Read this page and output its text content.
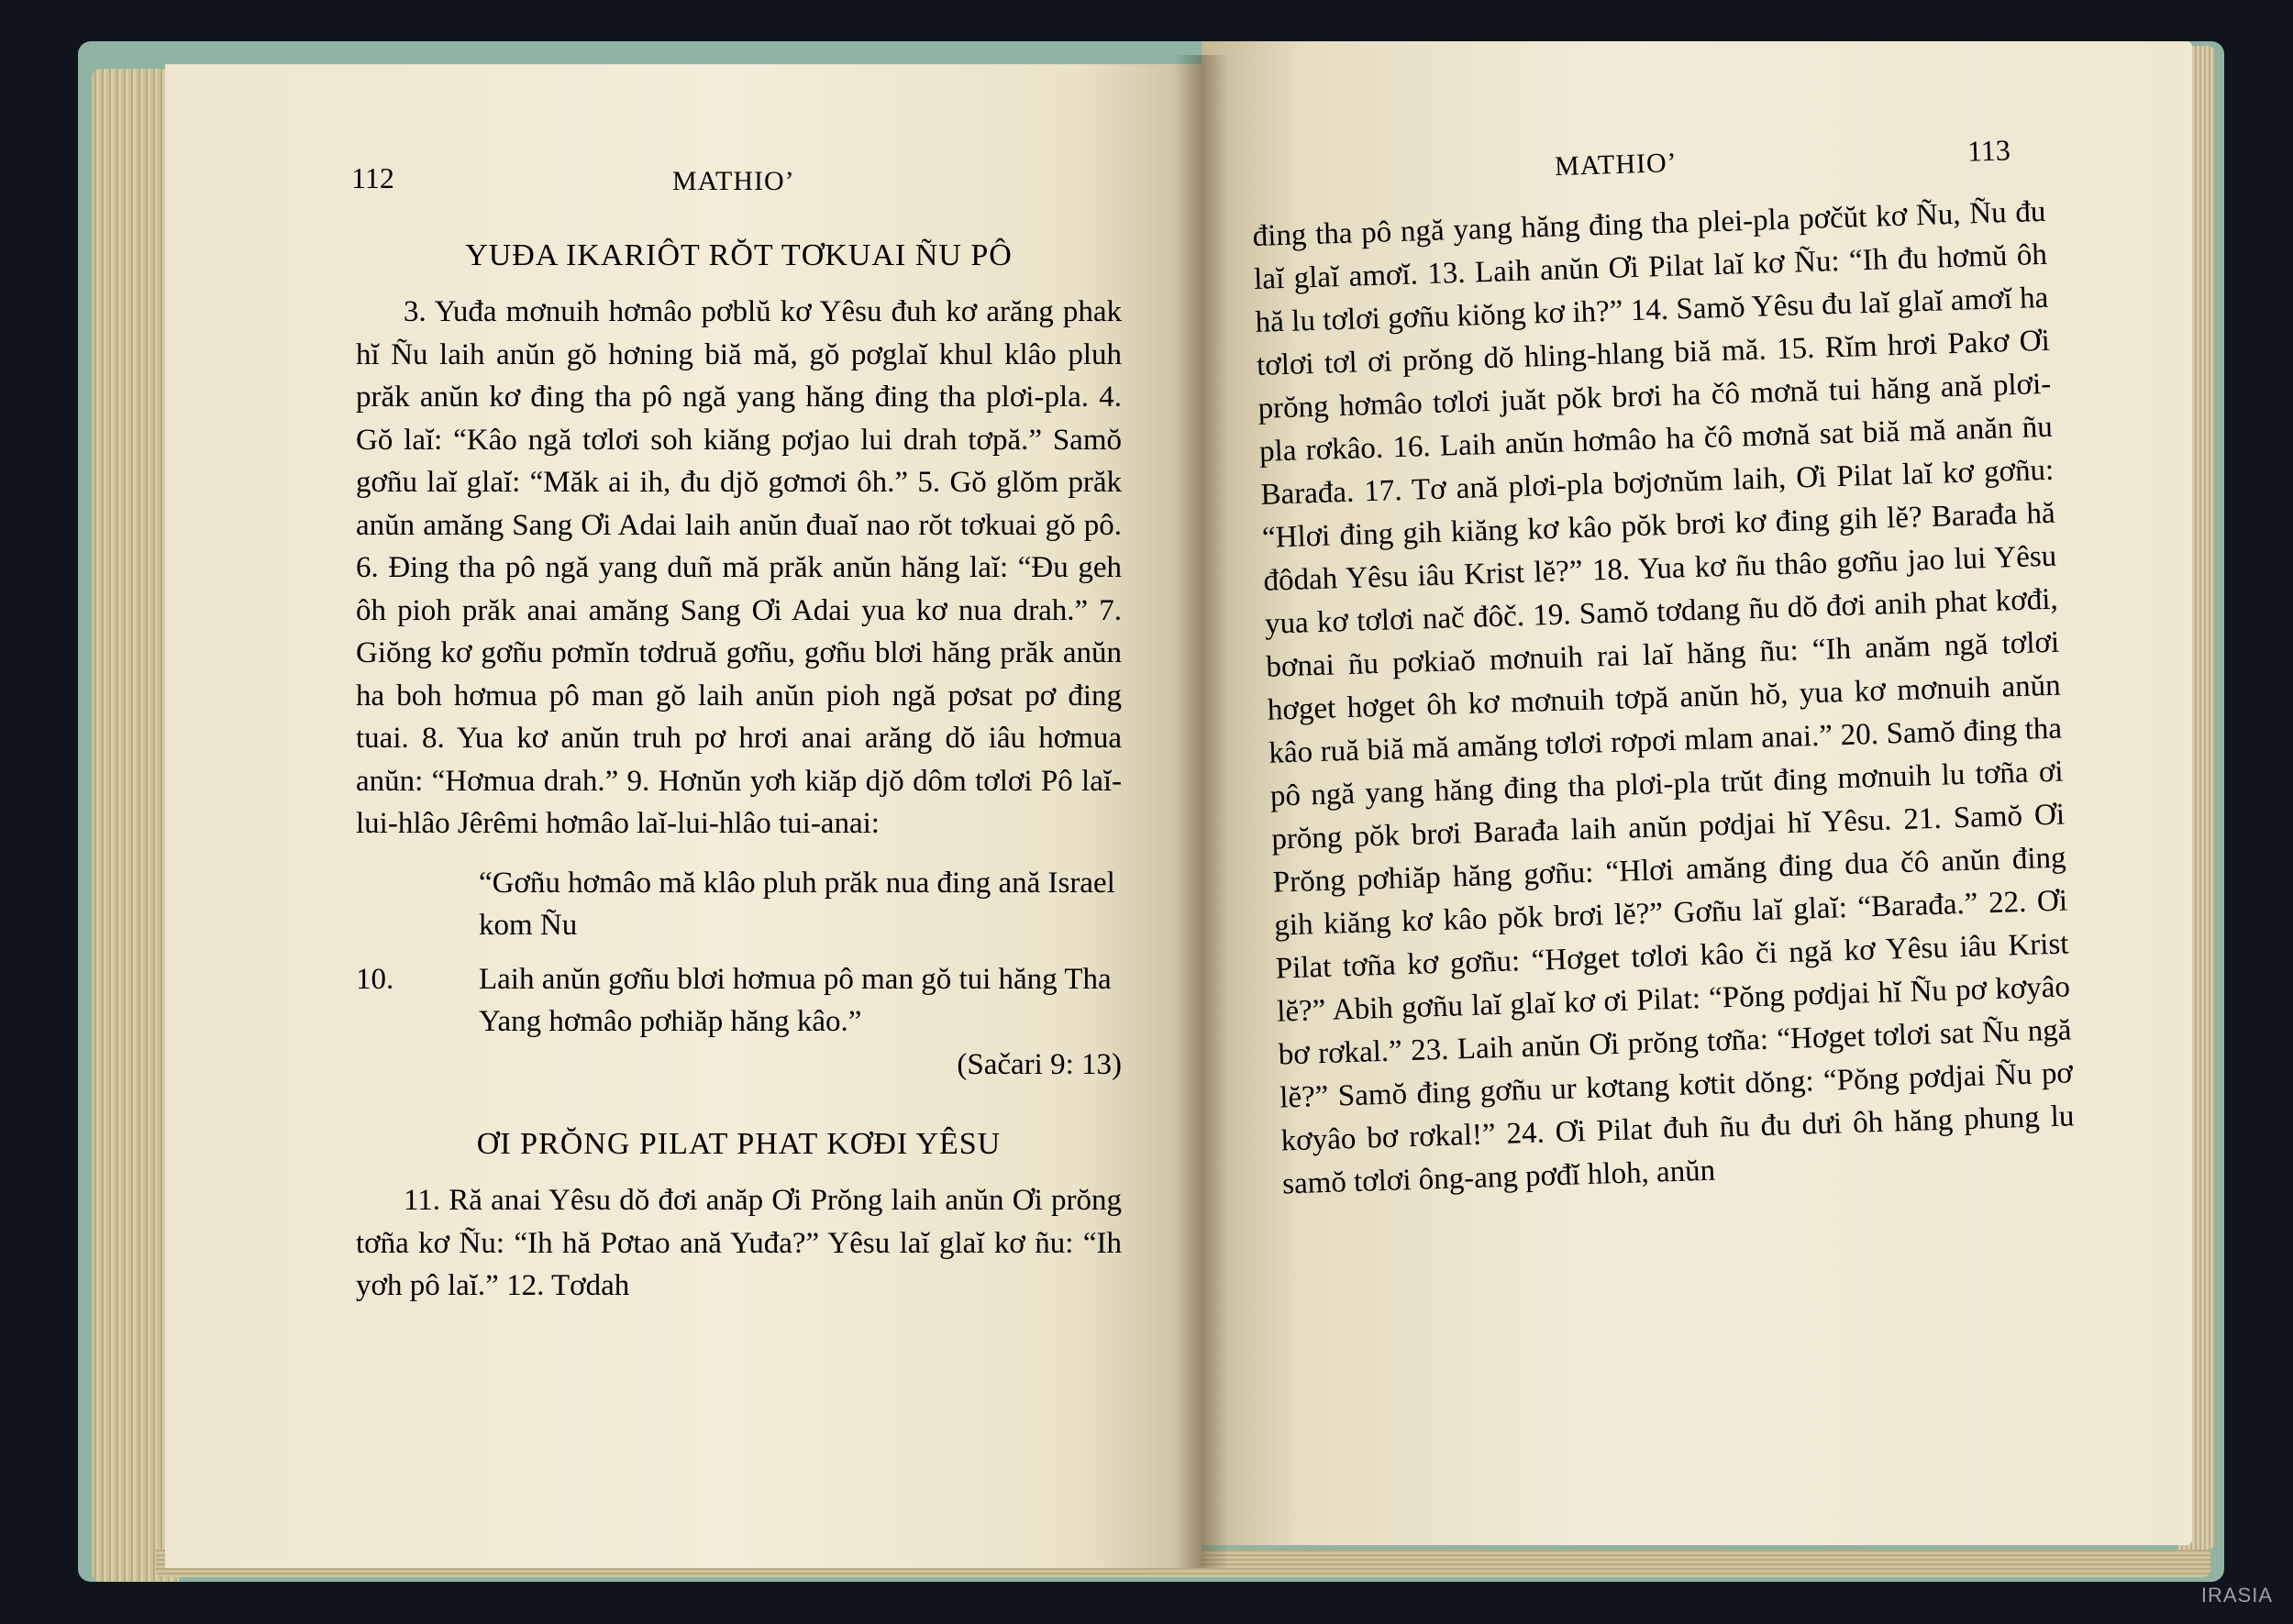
112	MATHIO’
YUĐA IKARIÔT RŎT TƠKUAI ÑU PÔ

3. Yuđa mơnuih hơmâo pơblŭ kơ Yêsu đuh kơ arăng phak hĭ Ñu laih anŭn gŏ hơning biă mă, gŏ pơglaĭ khul klâo pluh prăk anŭn kơ đing tha pô ngă yang hăng đing tha plơi-pla. 4. Gŏ laĭ: “Kâo ngă tơlơi soh kiăng pơjao lui drah tơpă.” Samŏ gơñu laĭ glaĭ: “Măk ai ih, đu djŏ gơmơi ôh.” 5. Gŏ glŏm prăk anŭn amăng Sang Ơi Adai laih anŭn đuaĭ nao rŏt tơkuai gŏ pô. 6. Đing tha pô ngă yang duñ mă prăk anŭn hăng laĭ: “Đu geh ôh pioh prăk anai amăng Sang Ơi Adai yua kơ nua drah.” 7. Giŏng kơ gơñu pơmĭn tơdruă gơñu, gơñu blơi hăng prăk anŭn ha boh hơmua pô man gŏ laih anŭn pioh ngă pơsat pơ đing tuai. 8. Yua kơ anŭn truh pơ hrơi anai arăng dŏ iâu hơmua anŭn: “Hơmua drah.” 9. Hơnŭn yơh kiăp djŏ dôm tơlơi Pô laĭ-lui-hlâo Jêrêmi hơmâo laĭ-lui-hlâo tui-anai:

“Gơñu hơmâo mă klâo pluh prăk nua đing ană Israel kom Ñu
10.	Laih anŭn gơñu blơi hơmua pô man gŏ tui hăng Tha Yang hơmâo pơhiăp hăng kâo.”

(Sačari 9: 13)

ƠI PRŎNG PILAT PHAT KƠĐI YÊSU

11. Ră anai Yêsu dŏ đơi anăp Ơi Prŏng laih anŭn Ơi prŏng tơña kơ Ñu: “Ih hă Pơtao ană Yuđa?” Yêsu laĭ glaĭ kơ ñu: “Ih yơh pô laĭ.” 12. Tơdah

MATHIO’	113

đing tha pô ngă yang hăng đing tha plei-pla pơčŭt kơ Ñu, Ñu đu laĭ glaĭ amơĭ. 13. Laih anŭn Ơi Pilat laĭ kơ Ñu: “Ih đu hơmŭ ôh hă lu tơlơi gơñu kiŏng kơ ih?” 14. Samŏ Yêsu đu laĭ glaĭ amơĭ ha tơlơi tơl ơi prŏng dŏ hling-hlang biă mă. 15. Rĭm hrơi Pakơ Ơi prŏng hơmâo tơlơi juăt pŏk brơi ha čô mơnă tui hăng ană plơi-pla rơkâo. 16. Laih anŭn hơmâo ha čô mơnă sat biă mă anăn ñu Barađa. 17. Tơ ană plơi-pla bơjơnŭm laih, Ơi Pilat laĭ kơ gơñu: “Hlơi đing gih kiăng kơ kâo pŏk brơi kơ đing gih lĕ? Barađa hă đôdah Yêsu iâu Krist lĕ?” 18. Yua kơ ñu thâo gơñu jao lui Yêsu yua kơ tơlơi nač đôč. 19. Samŏ tơdang ñu dŏ đơi anih phat kơđi, bơnai ñu pơkiaŏ mơnuih rai laĭ hăng ñu: “Ih anăm ngă tơlơi hơget hơget ôh kơ mơnuih tơpă anŭn hŏ, yua kơ mơnuih anŭn kâo ruă biă mă amăng tơlơi rơpơi mlam anai.” 20. Samŏ đing tha pô ngă yang hăng đing tha plơi-pla trŭt đing mơnuih lu tơña ơi prŏng pŏk brơi Barađa laih anŭn pơdjai hĭ Yêsu. 21. Samŏ Ơi Prŏng pơhiăp hăng gơñu: “Hlơi amăng đing dua čô anŭn đing gih kiăng kơ kâo pŏk brơi lĕ?” Gơñu laĭ glaĭ: “Barađa.” 22. Ơi Pilat tơña kơ gơñu: “Hơget tơlơi kâo či ngă kơ Yêsu iâu Krist lĕ?” Abih gơñu laĭ glaĭ kơ ơi Pilat: “Pŏng pơdjai hĭ Ñu pơ kơyâo bơ rơkal.” 23. Laih anŭn Ơi prŏng tơña: “Hơget tơlơi sat Ñu ngă lĕ?” Samŏ đing gơñu ur kơtang kơtit dŏng: “Pŏng pơdjai Ñu pơ kơyâo bơ rơkal!” 24. Ơi Pilat đuh ñu đu dưi ôh hăng phung lu samŏ tơlơi ông-ang pơđĭ hloh, anŭn

IRASIA
